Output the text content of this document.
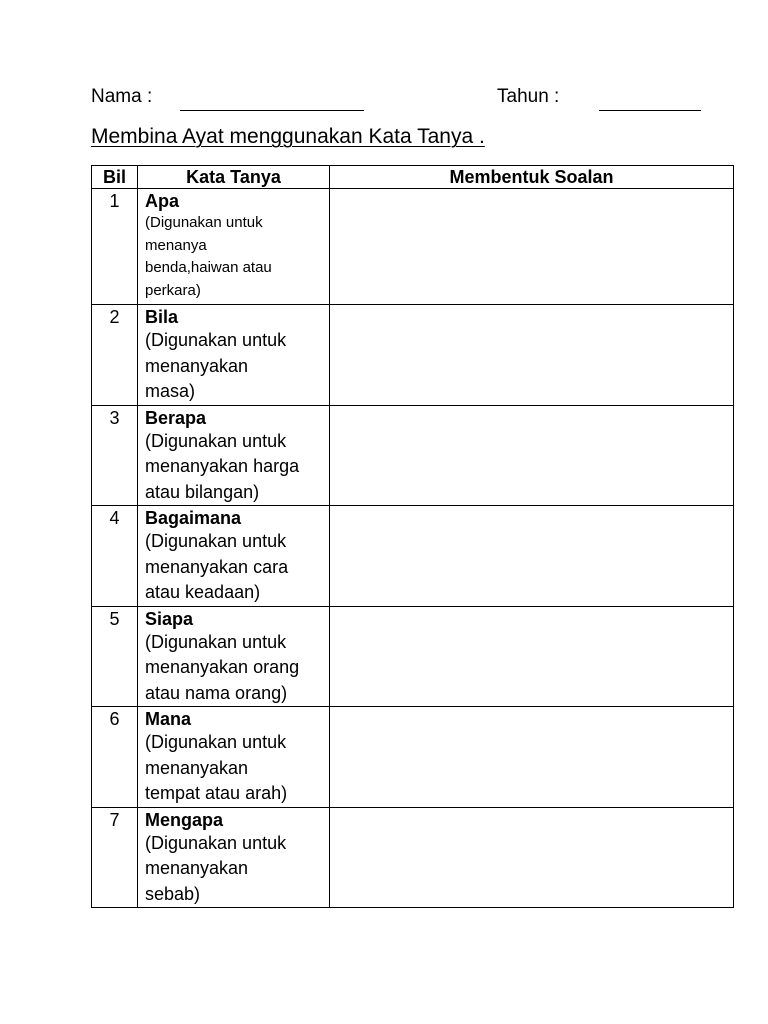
Nama :	Tahun :
Membina Ayat menggunakan Kata Tanya .
Bil	Kata Tanya	Membentuk Soalan
1	Apa
(Digunakan untuk
menanya
benda,haiwan atau
perkara)	

2	Bila
(Digunakan untuk
menanyakan
masa)	

3	Berapa
(Digunakan untuk
menanyakan harga
atau bilangan)	

4	Bagaimana
(Digunakan untuk
menanyakan cara
atau keadaan)	

5	Siapa
(Digunakan untuk
menanyakan orang
atau nama orang)	

6	Mana
(Digunakan untuk
menanyakan
tempat atau arah)	

7	Mengapa
(Digunakan untuk
menanyakan
sebab)	
